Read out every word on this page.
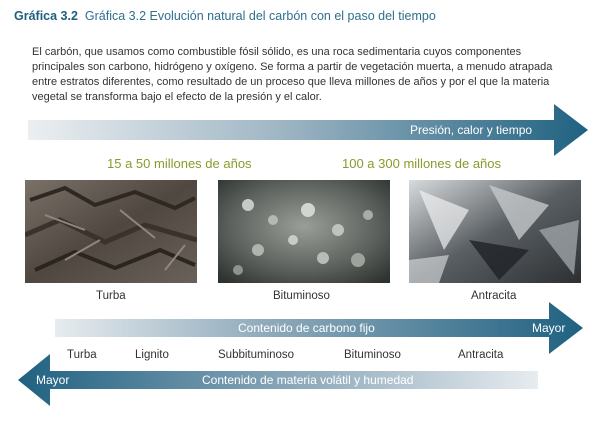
Gráfica 3.2 Gráfica 3.2 Evolución natural del carbón con el paso del tiempo
El carbón, que usamos como combustible fósil sólido, es una roca sedimentaria cuyos componentes principales son carbono, hidrógeno y oxígeno. Se forma a partir de vegetación muerta, a menudo atrapada entre estratos diferentes, como resultado de un proceso que lleva millones de años y por el que la materia vegetal se transforma bajo el efecto de la presión y el calor.
Presión, calor y tiempo
15 a 50 millones de años	100 a 300 millones de años
Turba	Bituminoso	Antracita
Contenido de carbono fijo	Mayor
Turba	Lignito	Subbituminoso	Bituminoso	Antracita
Mayor	Contenido de materia volátil y humedad
